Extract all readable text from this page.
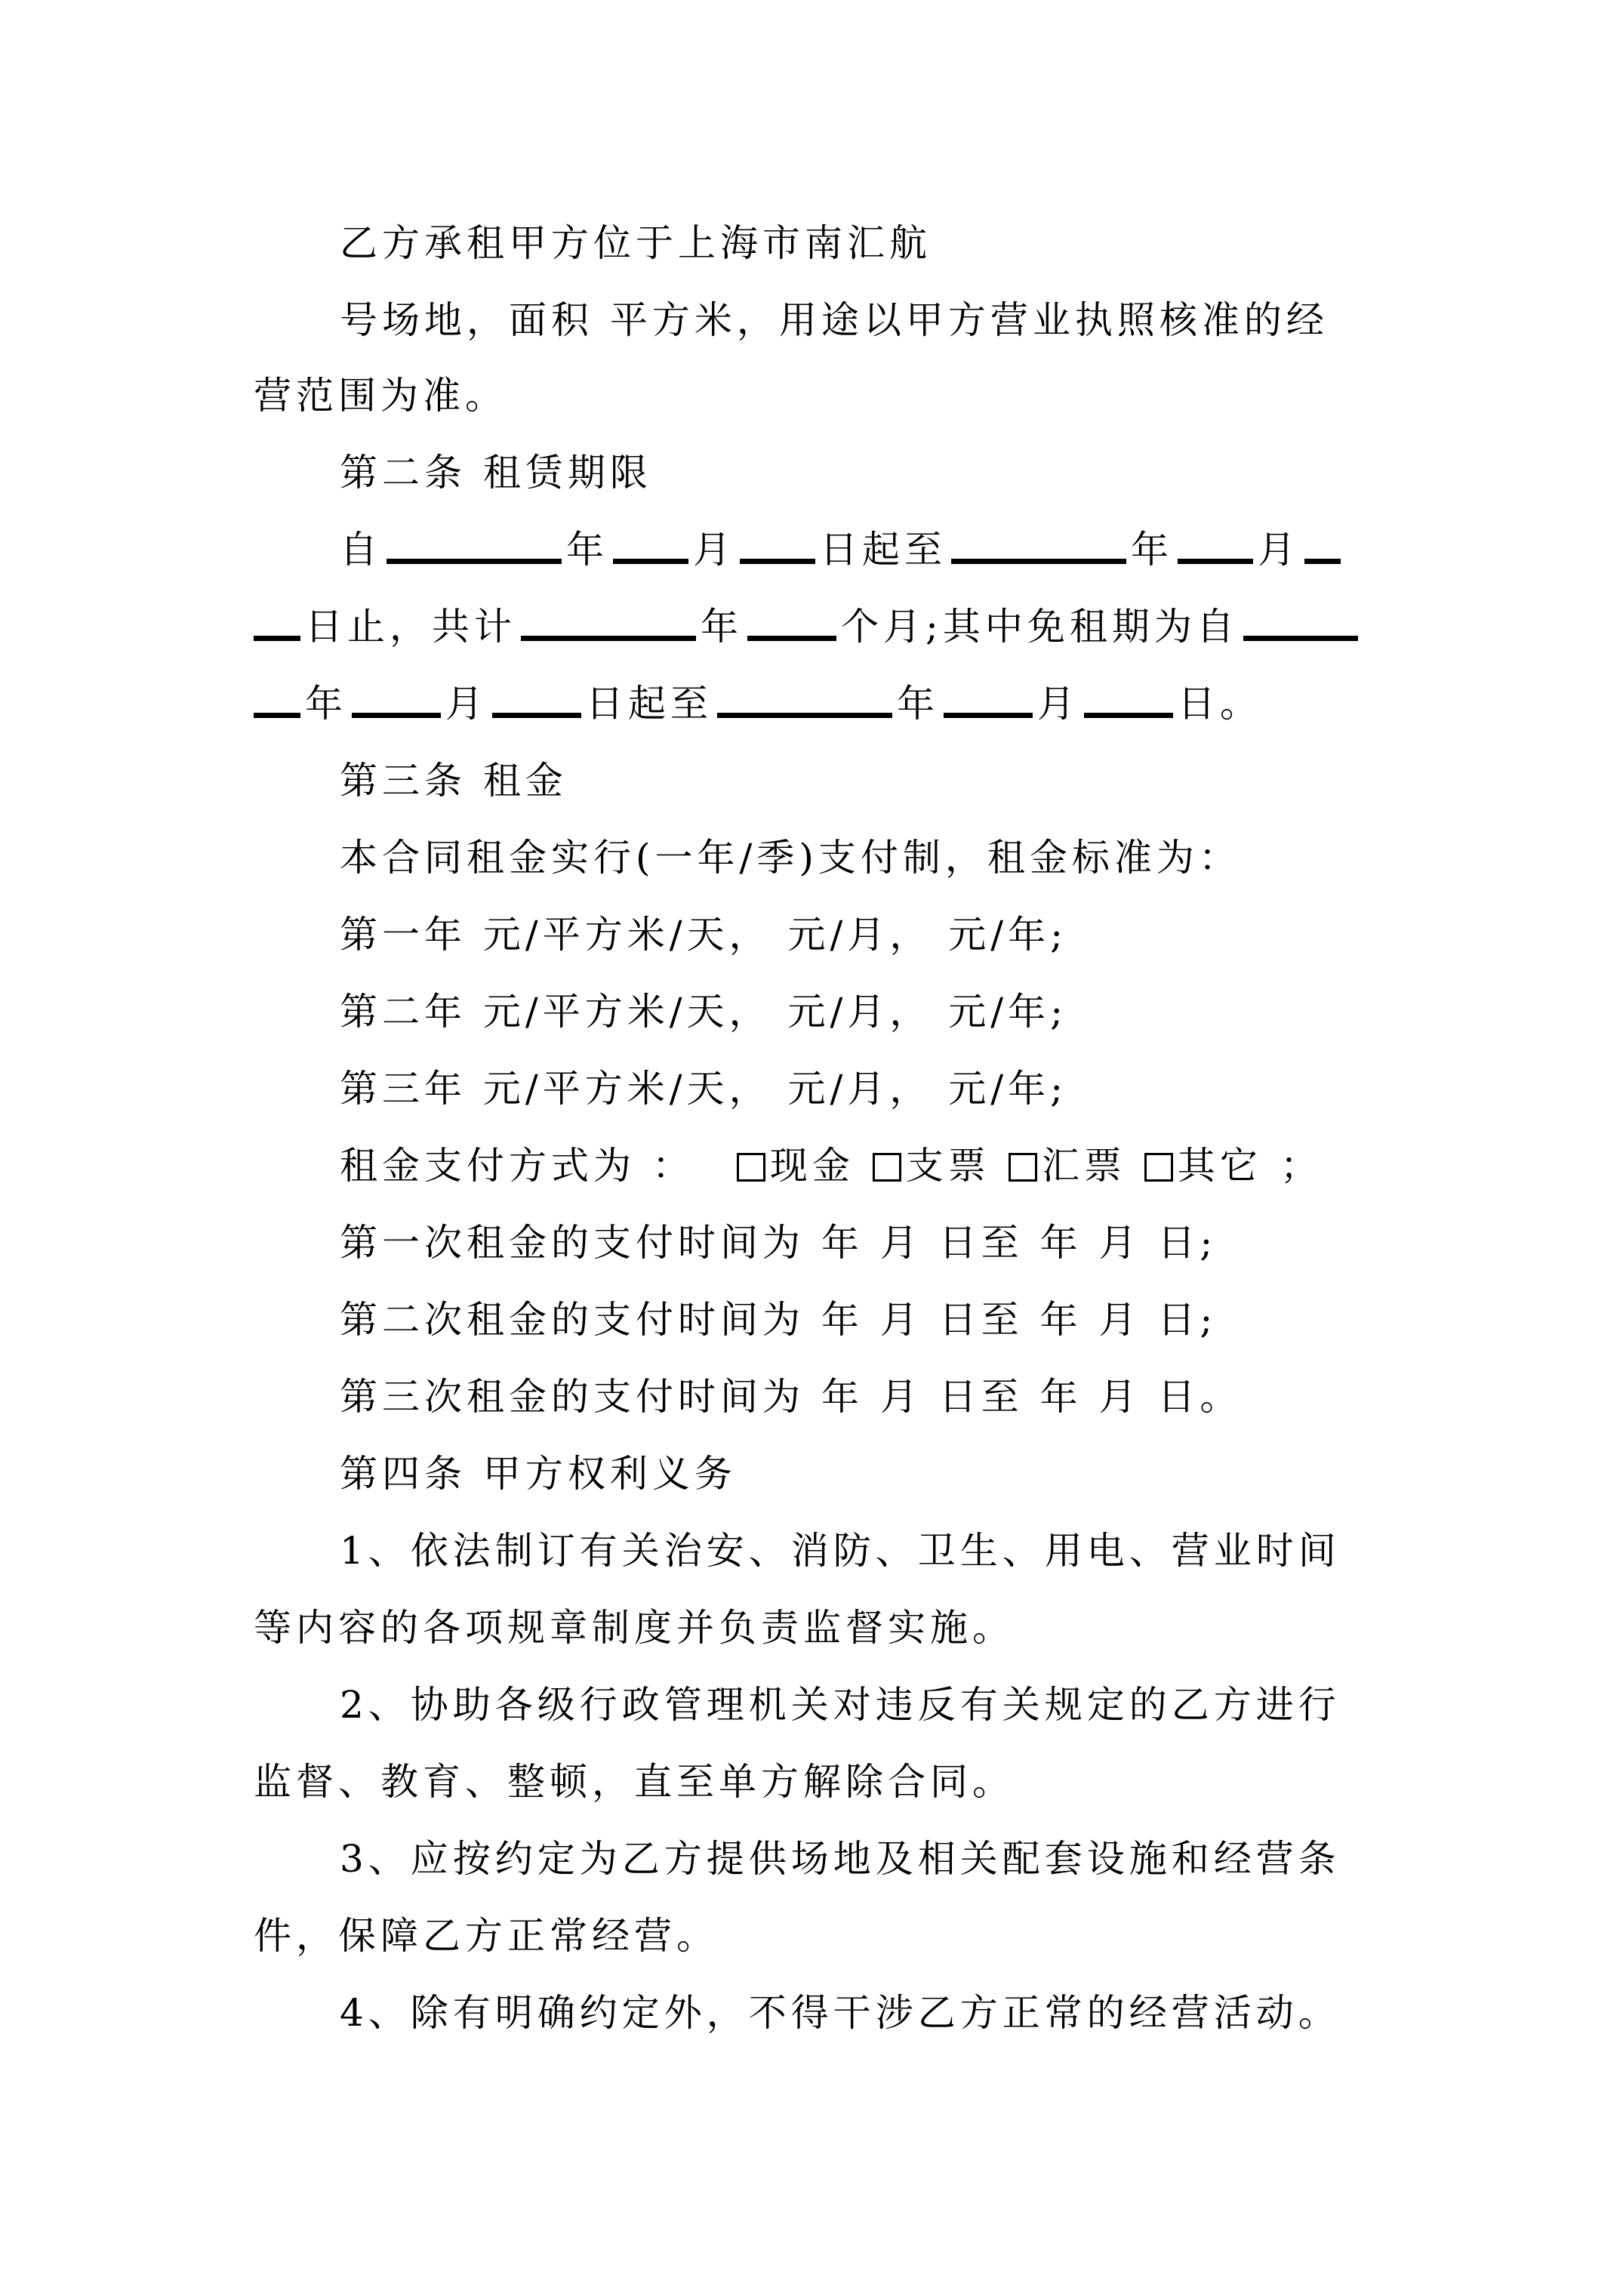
乙方承租甲方位于上海市南汇航
号场地，面积 平方米，用途以甲方营业执照核准的经
营范围为准。
第二条 租赁期限
自	年 月 日起至	年 月
日止，共计	年	个月;其中免租期为自
年	月	日起至	年	月	日。
第三条 租金
本合同租金实行(一年/季)支付制，租金标准为：
第一年 元/平方米/天， 元/月， 元/年;
第二年 元/平方米/天， 元/月， 元/年;
第三年 元/平方米/天， 元/月， 元/年;
租金支付方式为 ： 现金 支票 汇票 其它 ；
第一次租金的支付时间为 年 月 日至 年 月 日;
第二次租金的支付时间为 年 月 日至 年 月 日;
第三次租金的支付时间为 年 月 日至 年 月 日。
第四条 甲方权利义务
1、依法制订有关治安、消防、卫生、用电、营业时间
等内容的各项规章制度并负责监督实施。
2、协助各级行政管理机关对违反有关规定的乙方进行
监督、教育、整顿，直至单方解除合同。
3、应按约定为乙方提供场地及相关配套设施和经营条
件，保障乙方正常经营。
4、除有明确约定外，不得干涉乙方正常的经营活动。
